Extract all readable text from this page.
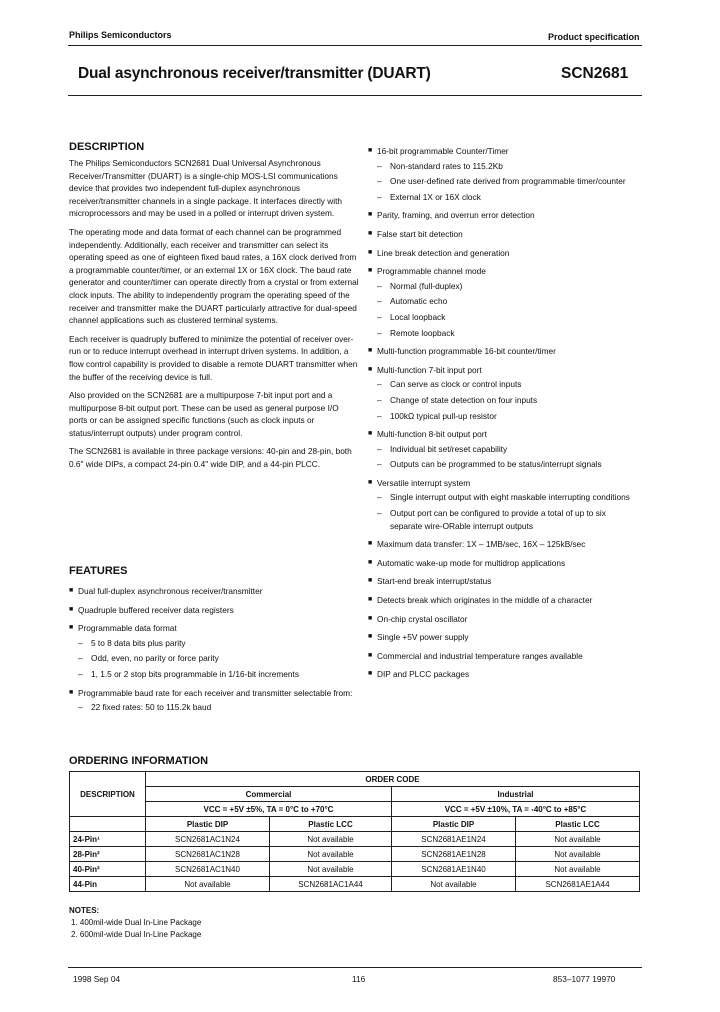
Philips Semiconductors	Product specification
Dual asynchronous receiver/transmitter (DUART)	SCN2681
DESCRIPTION

The Philips Semiconductors SCN2681 Dual Universal Asynchronous Receiver/Transmitter (DUART) is a single-chip MOS-LSI communications device that provides two independent full-duplex asynchronous receiver/transmitter channels in a single package. It interfaces directly with microprocessors and may be used in a polled or interrupt driven system.

The operating mode and data format of each channel can be programmed independently. Additionally, each receiver and transmitter can select its operating speed as one of eighteen fixed baud rates, a 16X clock derived from a programmable counter/timer, or an external 1X or 16X clock. The baud rate generator and counter/timer can operate directly from a crystal or from external clock inputs. The ability to independently program the operating speed of the receiver and transmitter make the DUART particularly attractive for dual-speed channel applications such as clustered terminal systems.

Each receiver is quadruply buffered to minimize the potential of receiver over-run or to reduce interrupt overhead in interrupt driven systems. In addition, a flow control capability is provided to disable a remote DUART transmitter when the buffer of the receiving device is full.

Also provided on the SCN2681 are a multipurpose 7-bit input port and a multipurpose 8-bit output port. These can be used as general purpose I/O ports or can be assigned specific functions (such as clock inputs or status/interrupt outputs) under program control.

The SCN2681 is available in three package versions: 40-pin and 28-pin, both 0.6" wide DIPs, a compact 24-pin 0.4" wide DIP, and a 44-pin PLCC.

FEATURES
■ Dual full-duplex asynchronous receiver/transmitter
■ Quadruple buffered receiver data registers
■ Programmable data format
– 5 to 8 data bits plus parity
– Odd, even, no parity or force parity
– 1, 1.5 or 2 stop bits programmable in 1/16-bit increments
■ Programmable baud rate for each receiver and transmitter selectable from:
– 22 fixed rates: 50 to 115.2k baud
■ 16-bit programmable Counter/Timer
– Non-standard rates to 115.2Kb
– One user-defined rate derived from programmable timer/counter
– External 1X or 16X clock
■ Parity, framing, and overrun error detection
■ False start bit detection
■ Line break detection and generation
■ Programmable channel mode
– Normal (full-duplex)
– Automatic echo
– Local loopback
– Remote loopback
■ Multi-function programmable 16-bit counter/timer
■ Multi-function 7-bit input port
– Can serve as clock or control inputs
– Change of state detection on four inputs
– 100kΩ typical pull-up resistor
■ Multi-function 8-bit output port
– Individual bit set/reset capability
– Outputs can be programmed to be status/interrupt signals
■ Versatile interrupt system
– Single interrupt output with eight maskable interrupting conditions
– Output port can be configured to provide a total of up to six separate wire-ORable interrupt outputs
■ Maximum data transfer: 1X – 1MB/sec, 16X – 125kB/sec
■ Automatic wake-up mode for multidrop applications
■ Start-end break interrupt/status
■ Detects break which originates in the middle of a character
■ On-chip crystal oscillator
■ Single +5V power supply
■ Commercial and industrial temperature ranges available
■ DIP and PLCC packages
ORDERING INFORMATION
DESCRIPTION	ORDER CODE			
	Commercial		Industrial	
	VCC = +5V ±5%, TA = 0°C to +70°C		VCC = +5V ±10%, TA = -40°C to +85°C	
	Plastic DIP	Plastic LCC	Plastic DIP	Plastic LCC
24-Pin¹	SCN2681AC1N24	Not available	SCN2681AE1N24	Not available
28-Pin²	SCN2681AC1N28	Not available	SCN2681AE1N28	Not available
40-Pin²	SCN2681AC1N40	Not available	SCN2681AE1N40	Not available
44-Pin	Not available	SCN2681AC1A44	Not available	SCN2681AE1A44
NOTES:
1. 400mil-wide Dual In-Line Package
2. 600mil-wide Dual In-Line Package
1998 Sep 04	116	853–1077 19970
